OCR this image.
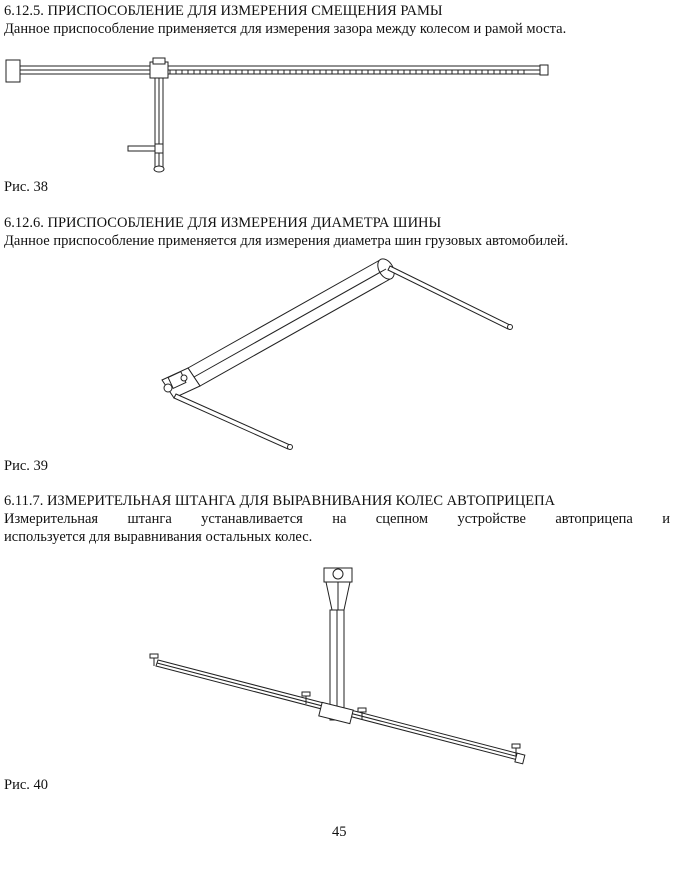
6.12.5. ПРИСПОСОБЛЕНИЕ ДЛЯ ИЗМЕРЕНИЯ СМЕЩЕНИЯ РАМЫ
Данное приспособление применяется для измерения зазора между колесом и рамой моста.
Рис. 38
6.12.6. ПРИСПОСОБЛЕНИЕ ДЛЯ ИЗМЕРЕНИЯ ДИАМЕТРА ШИНЫ
Данное приспособление применяется для измерения диаметра шин грузовых автомобилей.
Рис. 39
6.11.7. ИЗМЕРИТЕЛЬНАЯ ШТАНГА ДЛЯ ВЫРАВНИВАНИЯ КОЛЕС АВТОПРИЦЕПА
Измерительная штанга устанавливается на сцепном устройстве автоприцепа и
используется для выравнивания остальных колес.
Рис. 40
45
